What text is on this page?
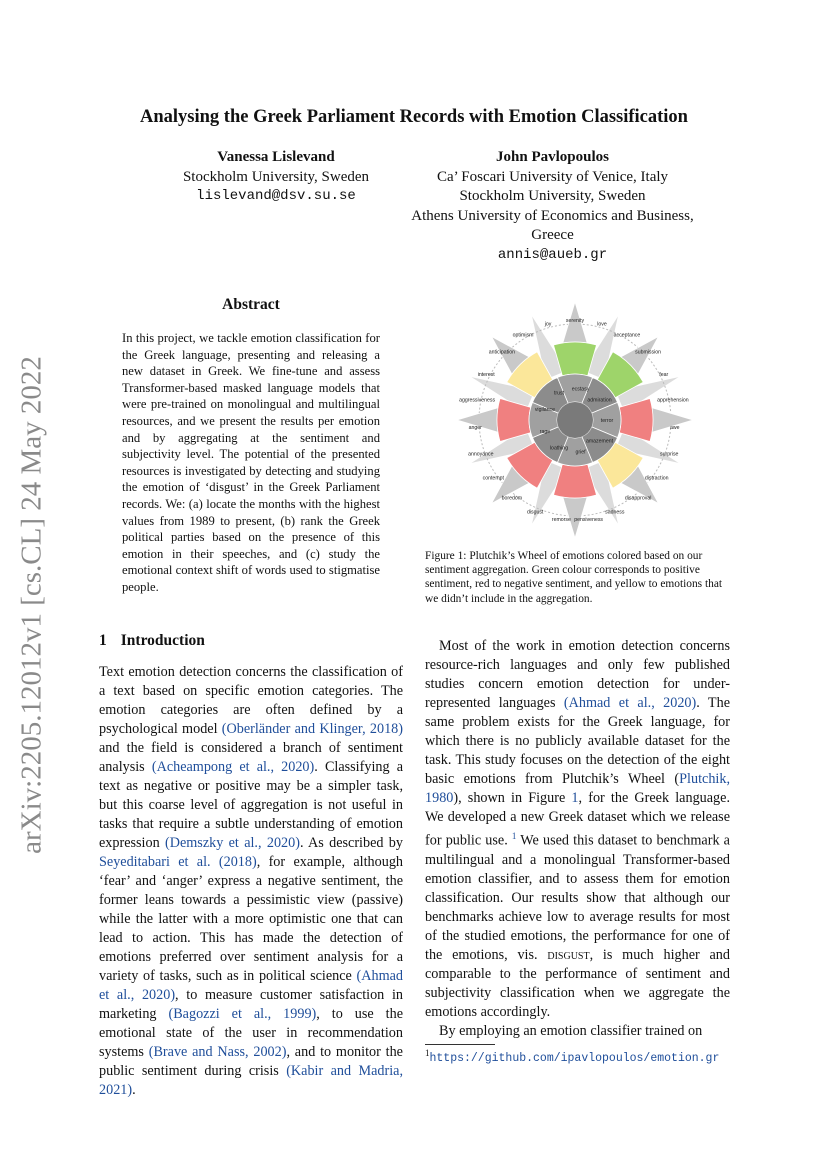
Analysing the Greek Parliament Records with Emotion Classification
arXiv:2205.12012v1 [cs.CL] 24 May 2022
Vanessa Lislevand
Stockholm University, Sweden
lislevand@dsv.su.se
John Pavlopoulos
Ca’ Foscari University of Venice, Italy
Stockholm University, Sweden
Athens University of Economics and Business,
Greece
annis@aueb.gr
Abstract
In this project, we tackle emotion classification for the Greek language, presenting and releasing a new dataset in Greek. We fine-tune and assess Transformer-based masked language models that were pre-trained on monolingual and multilingual resources, and we present the results per emotion and by aggregating at the sentiment and subjectivity level. The potential of the presented resources is investigated by detecting and studying the emotion of ‘disgust’ in the Greek Parliament records. We: (a) locate the months with the highest values from 1989 to present, (b) rank the Greek political parties based on the presence of this emotion in their speeches, and (c) study the emotional context shift of words used to stigmatise people.
serenity
love
acceptance
submission
fear
apprehension
awe
surprise
distraction
disapproval
sadness
pensiveness
remorse
disgust
boredom
contempt
annoyance
anger
aggressiveness
interest
anticipation
optimism
joy
ecstasy
admiration
terror
amazement
grief
loathing
rage
vigilance
trust
Figure 1: Plutchik’s Wheel of emotions colored based on our sentiment aggregation. Green colour corresponds to positive sentiment, red to negative sentiment, and yellow to emotions that we didn’t include in the aggregation.
1 Introduction

Text emotion detection concerns the classification of a text based on specific emotion categories. The emotion categories are often defined by a psychological model (Oberländer and Klinger, 2018) and the field is considered a branch of sentiment analysis (Acheampong et al., 2020). Classifying a text as negative or positive may be a simpler task, but this coarse level of aggregation is not useful in tasks that require a subtle understanding of emotion expression (Demszky et al., 2020). As described by Seyeditabari et al. (2018), for example, although ‘fear’ and ‘anger’ express a negative sentiment, the former leans towards a pessimistic view (passive) while the latter with a more optimistic one that can lead to action. This has made the detection of emotions preferred over sentiment analysis for a variety of tasks, such as in political science (Ahmad et al., 2020), to measure customer satisfaction in marketing (Bagozzi et al., 1999), to use the emotional state of the user in recommendation systems (Brave and Nass, 2002), and to monitor the public sentiment during crisis (Kabir and Madria, 2021).

Most of the work in emotion detection concerns resource-rich languages and only few published studies concern emotion detection for under-represented languages (Ahmad et al., 2020). The same problem exists for the Greek language, for which there is no publicly available dataset for the task. This study focuses on the detection of the eight basic emotions from Plutchik’s Wheel (Plutchik, 1980), shown in Figure 1, for the Greek language. We developed a new Greek dataset which we release for public use. $^1$ We used this dataset to benchmark a multilingual and a monolingual Transformer-based emotion classifier, and to assess them for emotion classification. Our results show that although our benchmarks achieve low to average results for most of the studied emotions, the performance for one of the emotions, vis. disgust, is much higher and comparable to the performance of sentiment and subjectivity classification when we aggregate the emotions accordingly.

By employing an emotion classifier trained on

$^1$https://github.com/ipavlopoulos/emotion.gr
